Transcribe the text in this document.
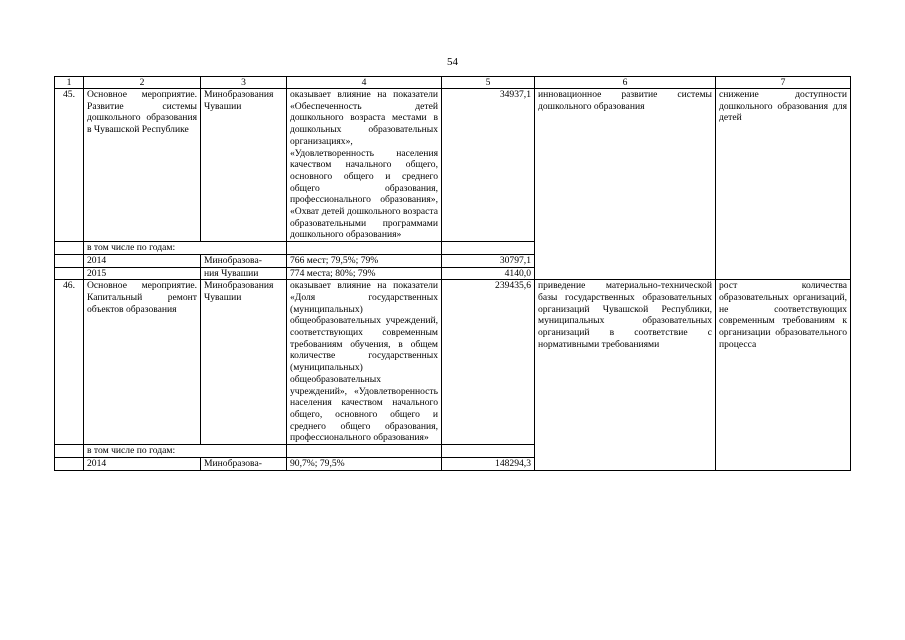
54
1	2	3	4	5	6	7
45.	Основное мероприятие. Развитие системы дошкольного образования в Чувашской Республике	Минобразования Чувашии	оказывает влияние на показатели «Обеспеченность детей дошкольного возраста местами в дошкольных образовательных организациях», «Удовлетворенность населения качеством начального общего, основного общего и среднего общего образования, профессионального образования», «Охват детей дошкольного возраста образовательными программами дошкольного образования»	34937,1	инновационное развитие системы дошкольного образования	снижение доступности дошкольного образования для детей
	в том числе по годам:					
	2014	Минобразова-	766 мест; 79,5%; 79%	30797,1		
	2015	ния Чувашии	774 места; 80%; 79%	4140,0		
46.	Основное мероприятие. Капитальный ремонт объектов образования	Минобразования Чувашии	оказывает влияние на показатели «Доля государственных (муниципальных) общеобразовательных учреждений, соответствующих современным требованиям обучения, в общем количестве государственных (муниципальных) общеобразовательных учреждений», «Удовлетворенность населения качеством начального общего, основного общего и среднего общего образования, профессионального образования»	239435,6	приведение материально-технической базы государственных образовательных организаций Чувашской Республики, муниципальных образовательных организаций в соответствие с нормативными требованиями	рост количества образовательных организаций, не соответствующих современным требованиям к организации образовательного процесса
	в том числе по годам:					
	2014	Минобразова-	90,7%; 79,5%	148294,3		
